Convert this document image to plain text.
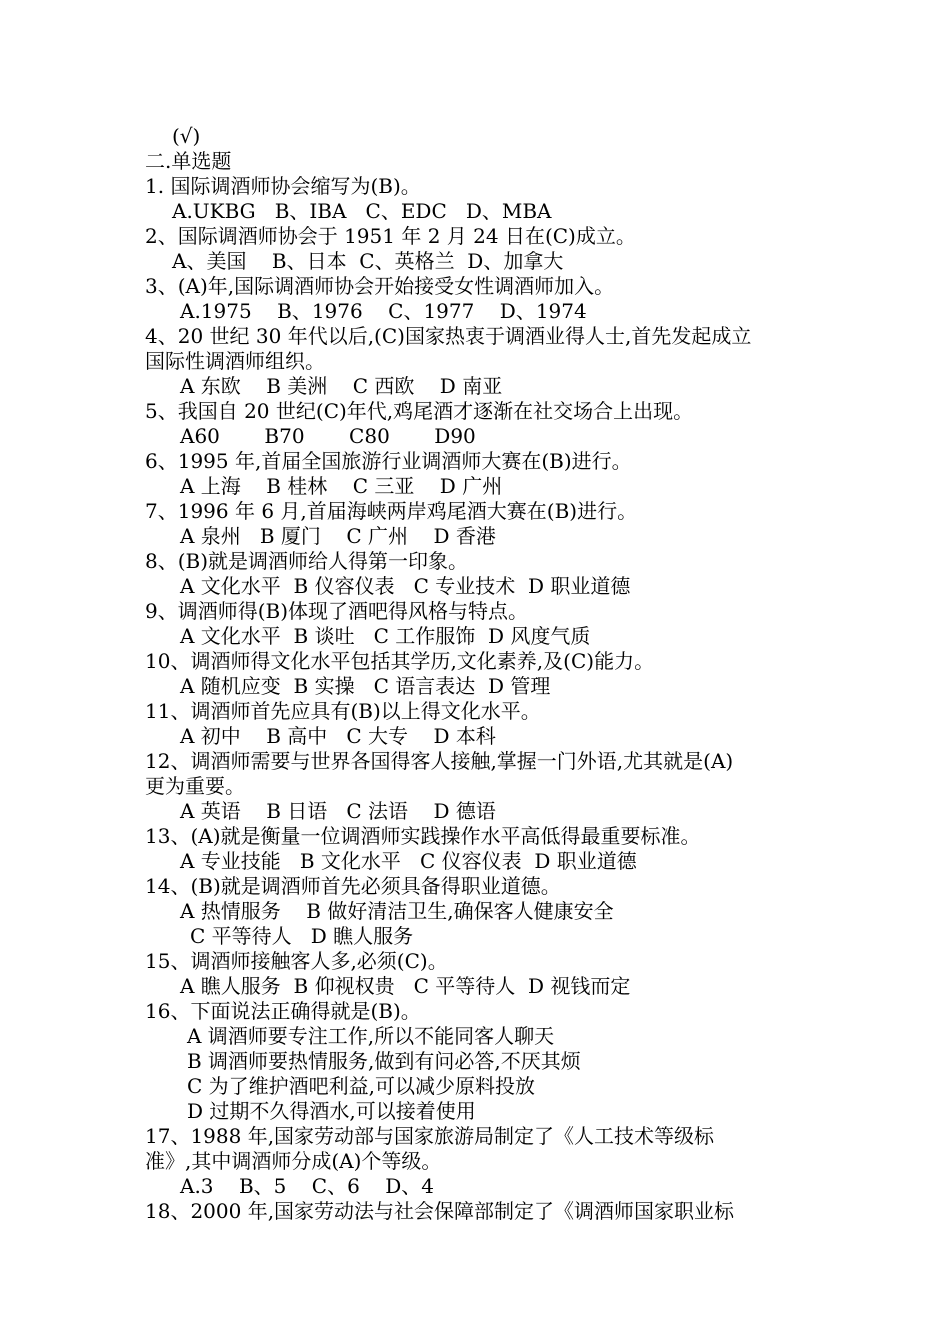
(√)
二.单选题
1. 国际调酒师协会缩写为(B)。
A.UKBG   B、IBA   C、EDC   D、MBA
2、国际调酒师协会于 1951 年 2 月 24 日在(C)成立。
A、美国    B、日本  C、英格兰  D、加拿大
3、(A)年,国际调酒师协会开始接受女性调酒师加入。
A.1975    B、1976    C、1977    D、1974
4、20 世纪 30 年代以后,(C)国家热衷于调酒业得人士,首先发起成立
国际性调酒师组织。
A 东欧    B 美洲    C 西欧    D 南亚
5、我国自 20 世纪(C)年代,鸡尾酒才逐渐在社交场合上出现。
A60       B70       C80       D90
6、1995 年,首届全国旅游行业调酒师大赛在(B)进行。
A 上海    B 桂林    C 三亚    D 广州
7、1996 年 6 月,首届海峡两岸鸡尾酒大赛在(B)进行。
A 泉州   B 厦门    C 广州    D 香港
8、(B)就是调酒师给人得第一印象。
A 文化水平  B 仪容仪表   C 专业技术  D 职业道德
9、调酒师得(B)体现了酒吧得风格与特点。
A 文化水平  B 谈吐   C 工作服饰  D 风度气质
10、调酒师得文化水平包括其学历,文化素养,及(C)能力。
A 随机应变  B 实操   C 语言表达  D 管理
11、调酒师首先应具有(B)以上得文化水平。
A 初中    B 高中   C 大专    D 本科
12、调酒师需要与世界各国得客人接触,掌握一门外语,尤其就是(A)
更为重要。
A 英语    B 日语   C 法语    D 德语
13、(A)就是衡量一位调酒师实践操作水平高低得最重要标准。
A 专业技能   B 文化水平   C 仪容仪表  D 职业道德
14、(B)就是调酒师首先必须具备得职业道德。
A 热情服务    B 做好清洁卫生,确保客人健康安全
C 平等待人   D 瞧人服务
15、调酒师接触客人多,必须(C)。
A 瞧人服务  B 仰视权贵   C 平等待人  D 视钱而定
16、下面说法正确得就是(B)。
A 调酒师要专注工作,所以不能同客人聊天
B 调酒师要热情服务,做到有问必答,不厌其烦
C 为了维护酒吧利益,可以减少原料投放
D 过期不久得酒水,可以接着使用
17、1988 年,国家劳动部与国家旅游局制定了《人工技术等级标
准》,其中调酒师分成(A)个等级。
A.3    B、5    C、6    D、4
18、2000 年,国家劳动法与社会保障部制定了《调酒师国家职业标
